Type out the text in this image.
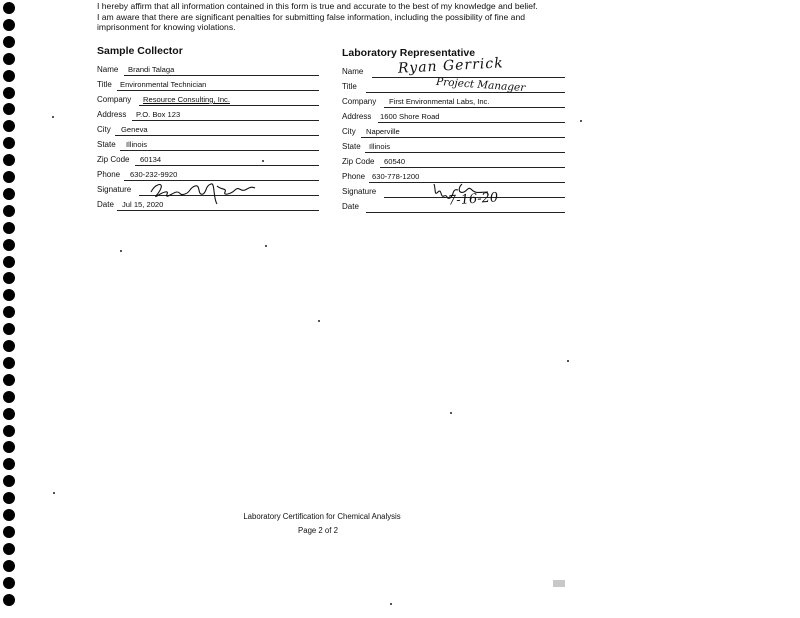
I hereby affirm that all information contained in this form is true and accurate to the best of my knowledge and belief.
I am aware that there are significant penalties for submitting false information, including the possibility of fine and
imprisonment for knowing violations.

Sample Collector
Name Brandi Talaga
Title Environmental Technician
Company Resource Consulting, Inc.
Address P.O. Box 123
City Geneva
State Illinois
Zip Code 60134
Phone 630-232-9920
Signature
Date Jul 15, 2020
Laboratory Representative
Name Ryan Gerrick
Title	Project Manager
Company First Environmental Labs, Inc.
Address 1600 Shore Road
City Naperville
State Illinois
Zip Code 60540
Phone 630-778-1200
Signature
Date	7-16-20
Laboratory Certification for Chemical Analysis
Page 2 of 2
